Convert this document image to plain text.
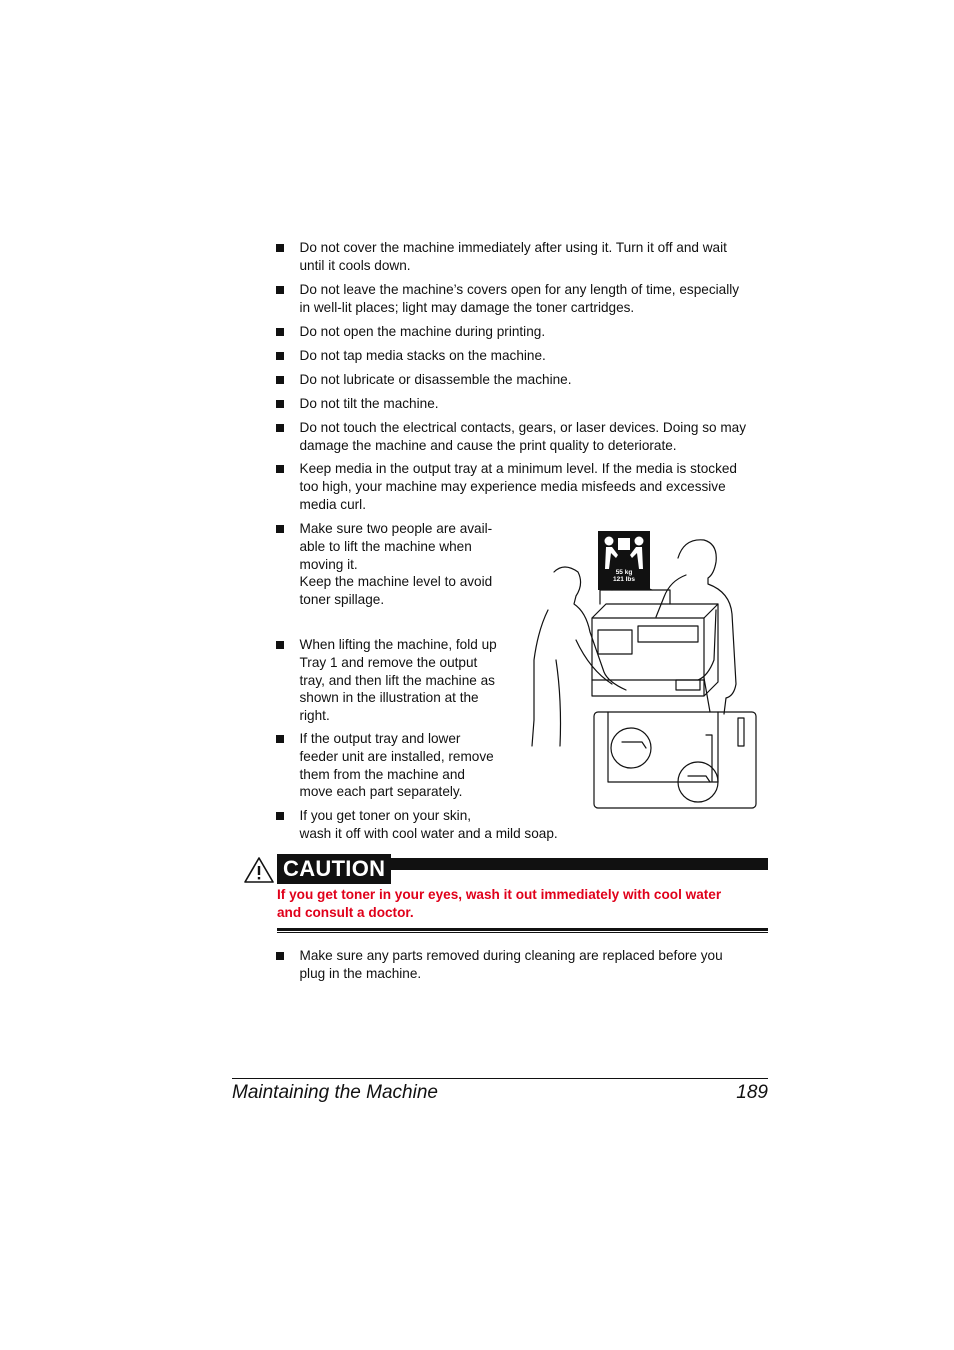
Do not cover the machine immediately after using it. Turn it off and wait
until it cools down.
Do not leave the machine’s covers open for any length of time, especially
in well-lit places; light may damage the toner cartridges.
Do not open the machine during printing.
Do not tap media stacks on the machine.
Do not lubricate or disassemble the machine.
Do not tilt the machine.
Do not touch the electrical contacts, gears, or laser devices. Doing so may
damage the machine and cause the print quality to deteriorate.
Keep media in the output tray at a minimum level. If the media is stocked
too high, your machine may experience media misfeeds and excessive
media curl.
Make sure two people are avail-
able to lift the machine when
moving it.
Keep the machine level to avoid
toner spillage.
When lifting the machine, fold up
Tray 1 and remove the output
tray, and then lift the machine as
shown in the illustration at the
right.
If the output tray and lower
feeder unit are installed, remove
them from the machine and
move each part separately.
If you get toner on your skin,
wash it off with cool water and a mild soap.
55 kg
121 lbs
CAUTION
If you get toner in your eyes, wash it out immediately with cool water
and consult a doctor.
Make sure any parts removed during cleaning are replaced before you
plug in the machine.
Maintaining the Machine	189
